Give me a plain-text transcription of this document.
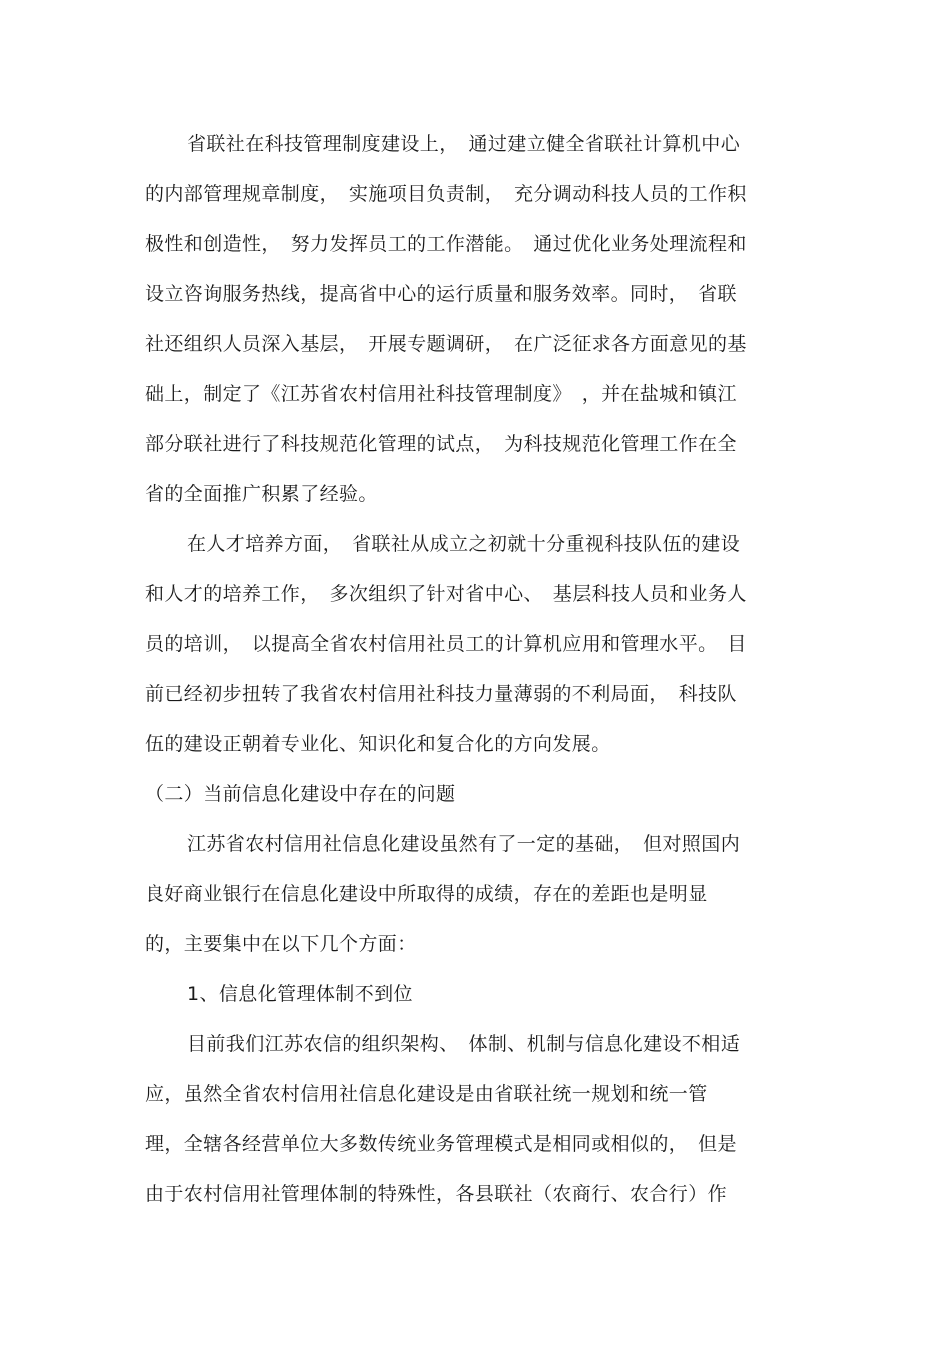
省联社在科技管理制度建设上，　通过建立健全省联社计算机中心
的内部管理规章制度，　实施项目负责制，　充分调动科技人员的工作积
极性和创造性，　努力发挥员工的工作潜能。　通过优化业务处理流程和
设立咨询服务热线，提高省中心的运行质量和服务效率。同时，　省联
社还组织人员深入基层，　开展专题调研，　在广泛征求各方面意见的基
础上，制定了《江苏省农村信用社科技管理制度》　，并在盐城和镇江
部分联社进行了科技规范化管理的试点，　为科技规范化管理工作在全
省的全面推广积累了经验。
在人才培养方面，　省联社从成立之初就十分重视科技队伍的建设
和人才的培养工作，　多次组织了针对省中心、　基层科技人员和业务人
员的培训，　以提高全省农村信用社员工的计算机应用和管理水平。　目
前已经初步扭转了我省农村信用社科技力量薄弱的不利局面，　科技队
伍的建设正朝着专业化、知识化和复合化的方向发展。
（二）当前信息化建设中存在的问题
江苏省农村信用社信息化建设虽然有了一定的基础，　但对照国内
良好商业银行在信息化建设中所取得的成绩，存在的差距也是明显
的，主要集中在以下几个方面：
1、信息化管理体制不到位
目前我们江苏农信的组织架构、　体制、机制与信息化建设不相适
应，虽然全省农村信用社信息化建设是由省联社统一规划和统一管
理，全辖各经营单位大多数传统业务管理模式是相同或相似的，　但是
由于农村信用社管理体制的特殊性，各县联社（农商行、农合行）作
